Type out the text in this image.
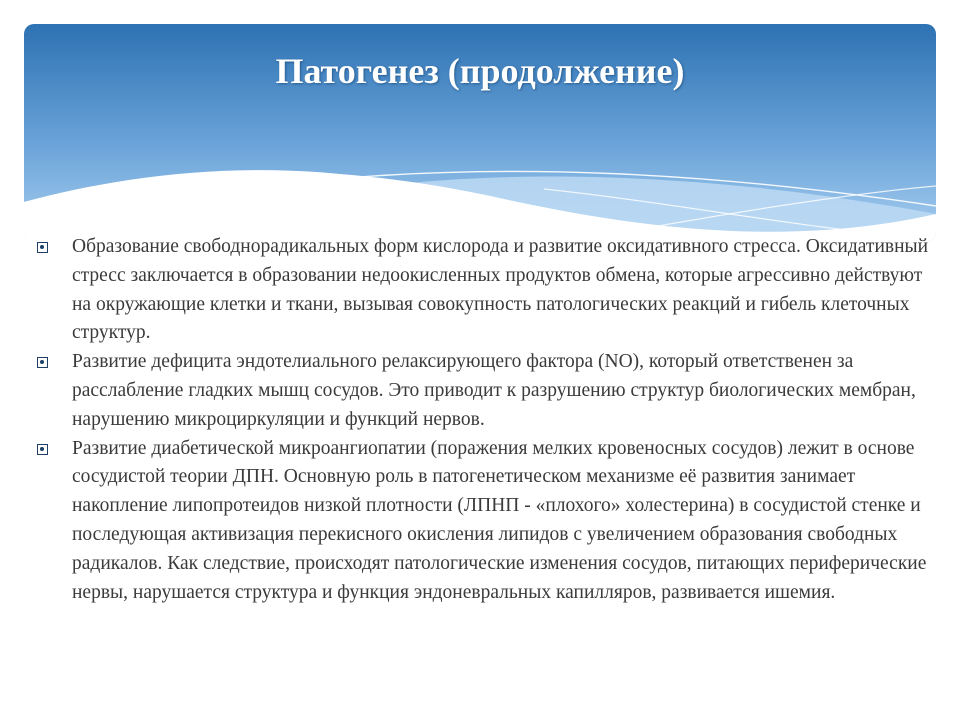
Патогенез (продолжение)
Образование свободнорадикальных форм кислорода и развитие оксидативного стресса. Оксидативный стресс заключается в образовании недоокисленных продуктов обмена, которые агрессивно действуют на окружающие клетки и ткани, вызывая совокупность патологических реакций и гибель клеточных структур.
Развитие дефицита эндотелиального релаксирующего фактора (NO), который ответственен за расслабление гладких мышц сосудов. Это приводит к разрушению структур биологических мембран, нарушению микроциркуляции и функций нервов.
Развитие диабетической микроангиопатии (поражения мелких кровеносных сосудов) лежит в основе сосудистой теории ДПН. Основную роль в патогенетическом механизме её развития занимает накопление липопротеидов низкой плотности (ЛПНП - «плохого» холестерина) в сосудистой стенке и последующая активизация перекисного окисления липидов с увеличением образования свободных радикалов. Как следствие, происходят патологические изменения сосудов, питающих периферические нервы, нарушается структура и функция эндоневральных капилляров, развивается ишемия.
